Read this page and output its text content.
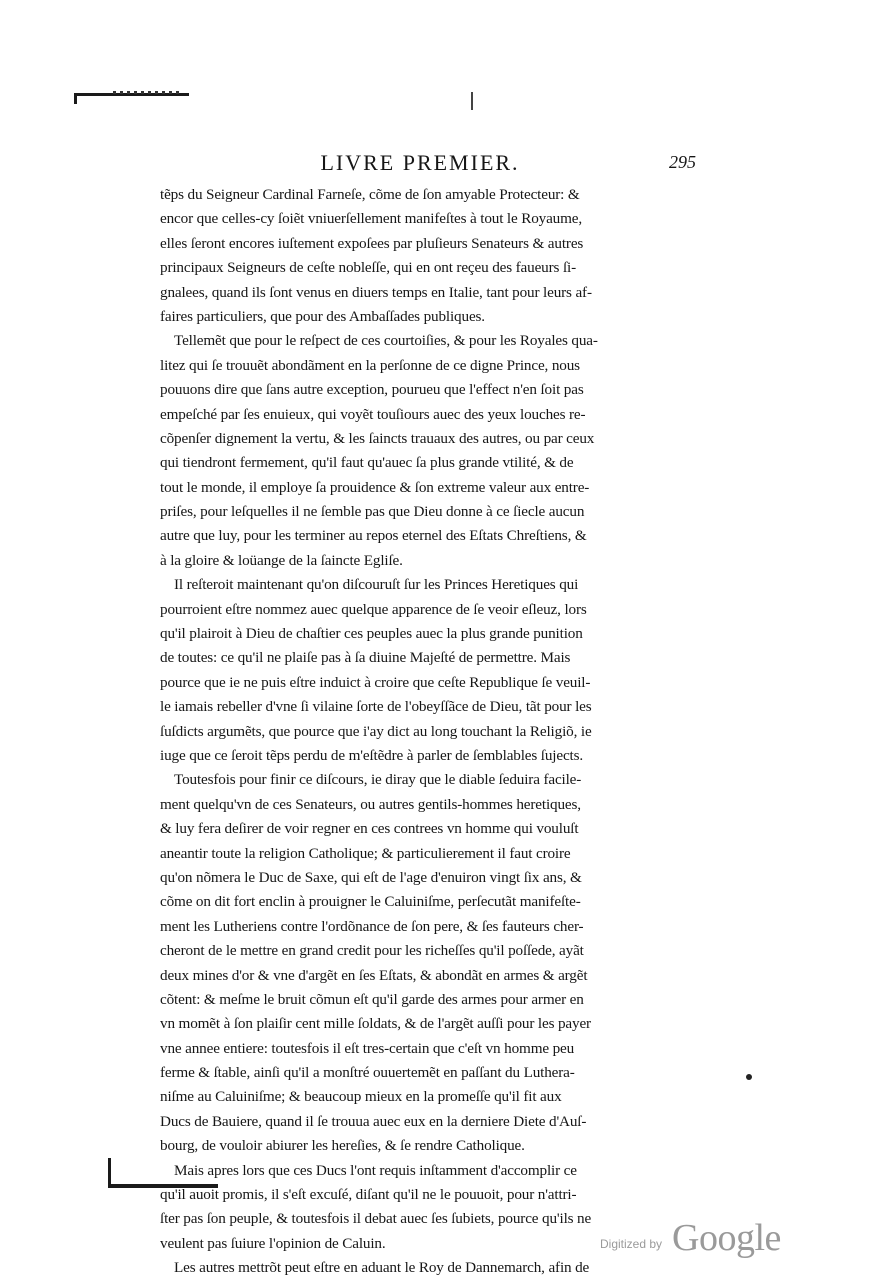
LIVRE PREMIER.	295
tẽps du Seigneur Cardinal Farneſe, cõme de ſon amyable Protecteur: &
encor que celles-cy ſoiẽt vniuerſellement manifeſtes à tout le Royaume,
elles ſeront encores iuſtement expoſees par pluſieurs Senateurs & autres
principaux Seigneurs de ceſte nobleſſe, qui en ont reçeu des faueurs ſi-
gnalees, quand ils ſont venus en diuers temps en Italie, tant pour leurs af-
faires particuliers, que pour des Ambaſſades publiques.
Tellemẽt que pour le reſpect de ces courtoiſies, & pour les Royales qua-
litez qui ſe trouuẽt abondãment en la perſonne de ce digne Prince, nous
pouuons dire que ſans autre exception, pourueu que l'effect n'en ſoit pas
empeſché par ſes enuieux, qui voyẽt touſiours auec des yeux louches re-
cõpenſer dignement la vertu, & les ſaincts trauaux des autres, ou par ceux
qui tiendront fermement, qu'il faut qu'auec ſa plus grande vtilité, & de
tout le monde, il employe ſa prouidence & ſon extreme valeur aux entre-
priſes, pour leſquelles il ne ſemble pas que Dieu donne à ce ſiecle aucun
autre que luy, pour les terminer au repos eternel des Eſtats Chreſtiens, &
à la gloire & loüange de la ſaincte Egliſe.
Il reſteroit maintenant qu'on diſcouruſt ſur les Princes Heretiques qui
pourroient eſtre nommez auec quelque apparence de ſe veoir eſleuz, lors
qu'il plairoit à Dieu de chaſtier ces peuples auec la plus grande punition
de toutes: ce qu'il ne plaiſe pas à ſa diuine Majeſté de permettre. Mais
pource que ie ne puis eſtre induict à croire que ceſte Republique ſe veuil-
le iamais rebeller d'vne ſi vilaine ſorte de l'obeyſſãce de Dieu, tãt pour les
ſuſdicts argumẽts, que pource que i'ay dict au long touchant la Religiõ, ie
iuge que ce ſeroit tẽps perdu de m'eſtẽdre à parler de ſemblables ſujects.
Toutesfois pour finir ce diſcours, ie diray que le diable ſeduira facile-
ment quelqu'vn de ces Senateurs, ou autres gentils-hommes heretiques,
& luy fera deſirer de voir regner en ces contrees vn homme qui vouluſt
aneantir toute la religion Catholique; & particulierement il faut croire
qu'on nõmera le Duc de Saxe, qui eſt de l'age d'enuiron vingt ſix ans, &
cõme on dit fort enclin à prouigner le Caluiniſme, perſecutãt manifeſte-
ment les Lutheriens contre l'ordõnance de ſon pere, & ſes fauteurs cher-
cheront de le mettre en grand credit pour les richeſſes qu'il poſſede, ayãt
deux mines d'or & vne d'argẽt en ſes Eſtats, & abondãt en armes & argẽt
cõtent: & meſme le bruit cõmun eſt qu'il garde des armes pour armer en
vn momẽt à ſon plaiſir cent mille ſoldats, & de l'argẽt auſſi pour les payer
vne annee entiere: toutesfois il eſt tres-certain que c'eſt vn homme peu
ferme & ſtable, ainſi qu'il a monſtré ouuertemẽt en paſſant du Luthera-
niſme au Caluiniſme; & beaucoup mieux en la promeſſe qu'il fit aux
Ducs de Bauiere, quand il ſe trouua auec eux en la derniere Diete d'Auſ-
bourg, de vouloir abiurer les hereſies, & ſe rendre Catholique.
Mais apres lors que ces Ducs l'ont requis inſtamment d'accomplir ce
qu'il auoit promis, il s'eſt excuſé, diſant qu'il ne le pouuoit, pour n'attri-
ſter pas ſon peuple, & toutesfois il debat auec ſes ſubiets, pource qu'ils ne
veulent pas ſuiure l'opinion de Caluin.
Les autres mettrõt peut eſtre en aduant le Roy de Dannemarch, afin de
Digitized by Google
